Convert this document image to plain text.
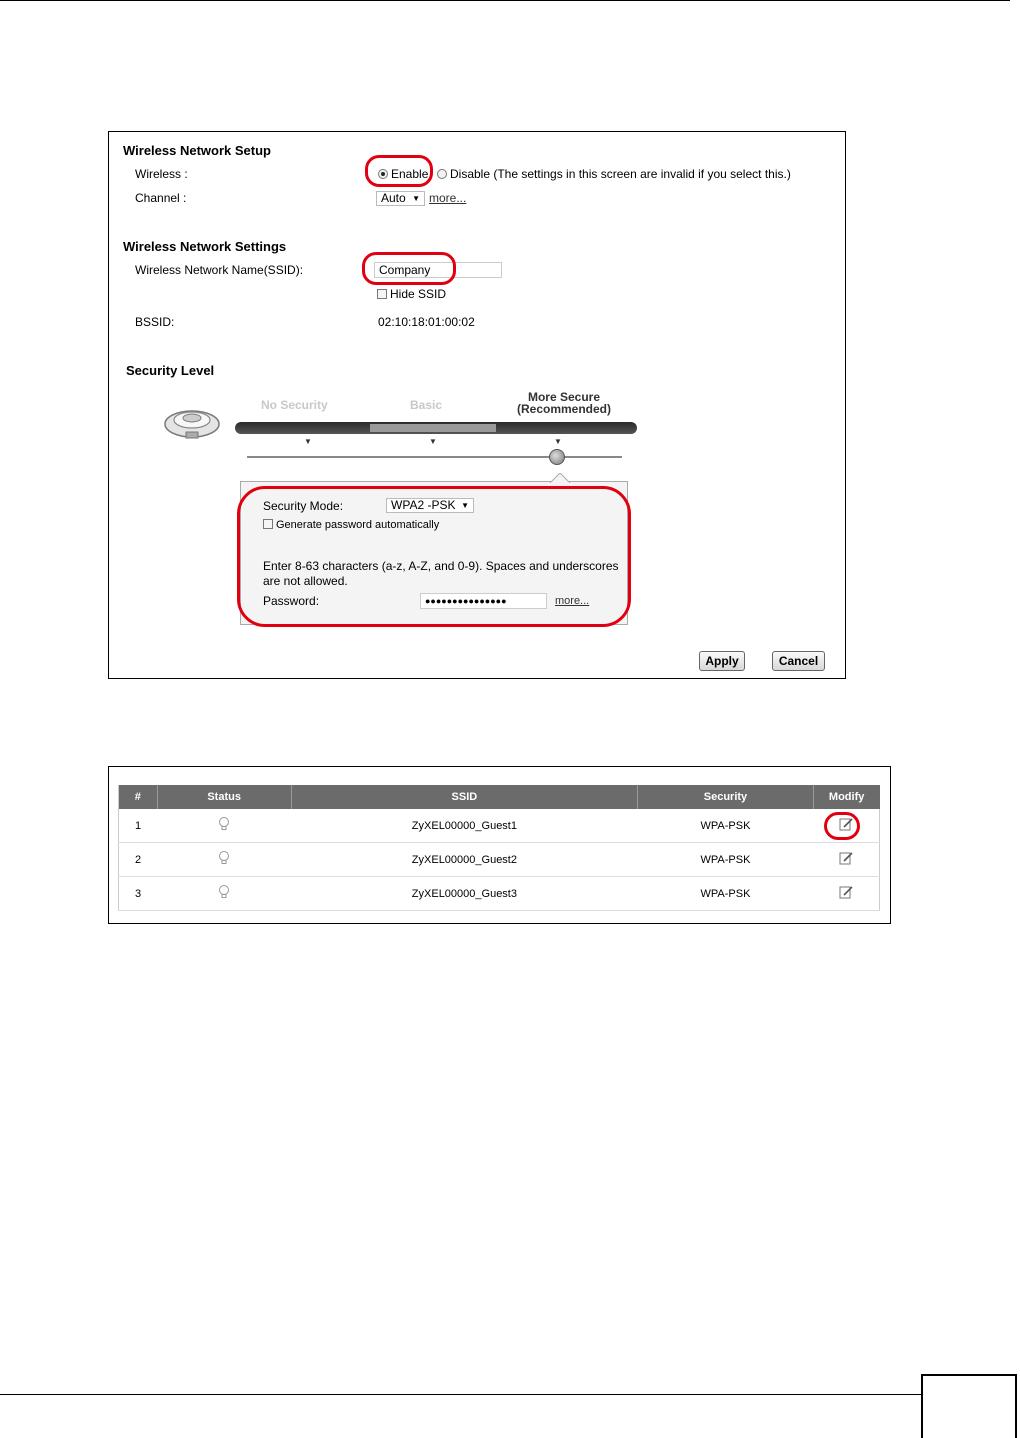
Wireless Network Setup
Wireless :	Enable	Disable (The settings in this screen are invalid if you select this.)
Channel :	Auto ▼ more...
Wireless Network Settings
Wireless Network Name(SSID):	Company
Hide SSID
BSSID:	02:10:18:01:00:02
Security Level
No Security	Basic
More Secure
(Recommended)
▼	▼	▼
Security Mode:	WPA2 -PSK ▼
Generate password automatically
Enter 8-63 characters (a-z, A-Z, and 0-9). Spaces and underscores
are not allowed.
Password:	●●●●●●●●●●●●●●●	more...
Apply	Cancel
#	Status	SSID	Security	Modify
1		ZyXEL00000_Guest1	WPA-PSK	
2		ZyXEL00000_Guest2	WPA-PSK	
3		ZyXEL00000_Guest3	WPA-PSK	
